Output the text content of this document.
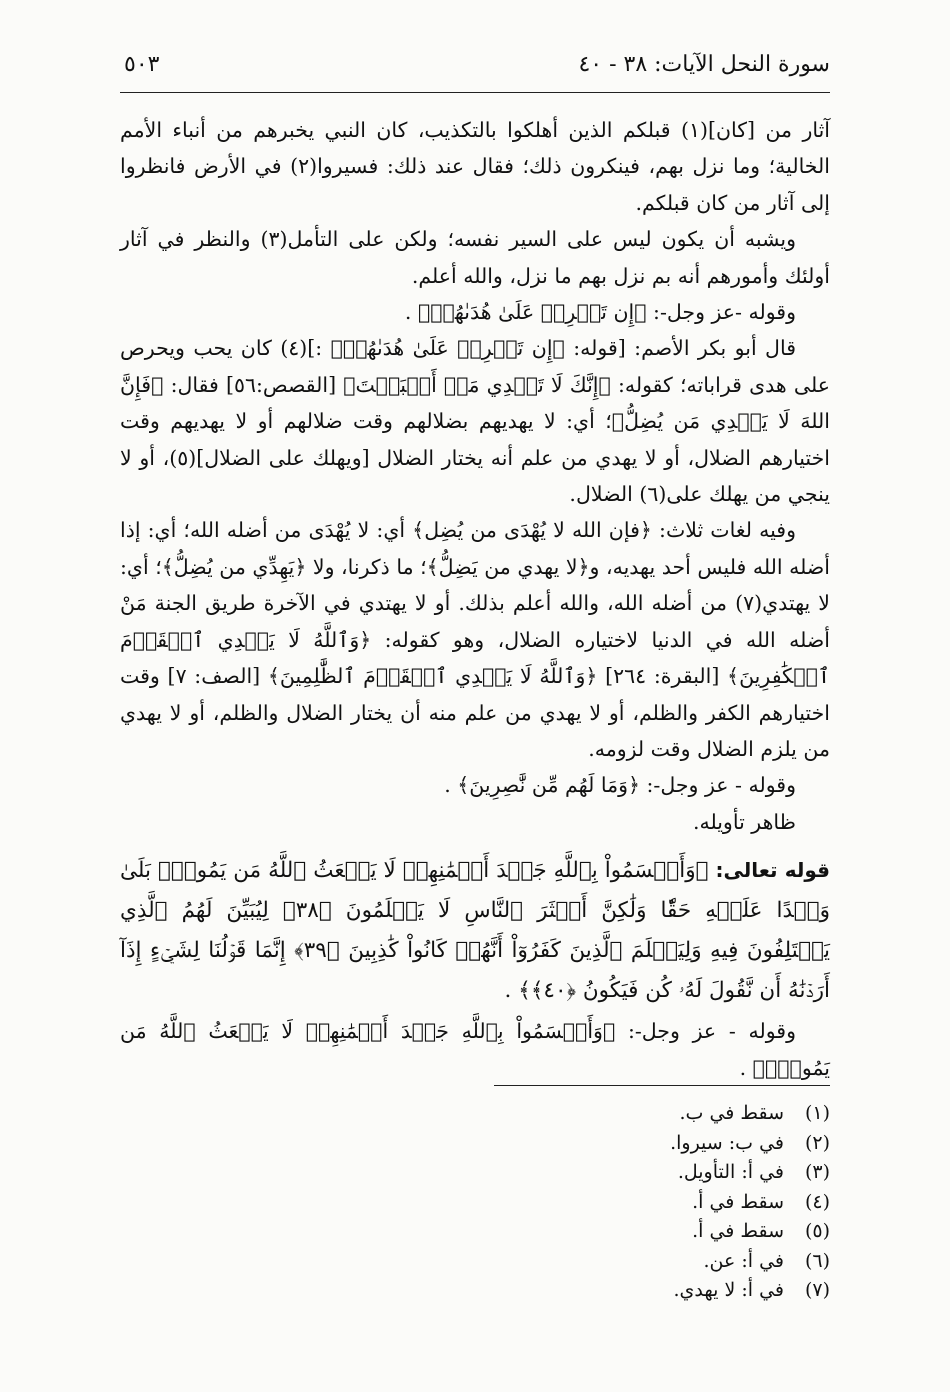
سورة النحل الآيات: ٣٨ - ٤٠
٥٠٣

آثار من [كان](١) قبلكم الذين أهلكوا بالتكذيب، كان النبي يخبرهم من أنباء الأمم الخالية؛ وما نزل بهم، فينكرون ذلك؛ فقال عند ذلك: فسيروا(٢) في الأرض فانظروا إلى آثار من كان قبلكم.

ويشبه أن يكون ليس على السير نفسه؛ ولكن على التأمل(٣) والنظر في آثار أولئك وأمورهم أنه بم نزل بهم ما نزل، والله أعلم.

وقوله -عز وجل-: ﴿إِن تَحۡرِصۡ عَلَىٰ هُدَىٰهُمۡ﴾ .

قال أبو بكر الأصم: [قوله: ﴿إِن تَحۡرِصۡ عَلَىٰ هُدَىٰهُمۡ﴾ :](٤) كان يحب ويحرص على هدى قراباته؛ كقوله: ﴿إِنَّكَ لَا تَهۡدِي مَنۡ أَحۡبَبۡتَ﴾ [القصص:٥٦] فقال: ﴿فَإِنَّ اللهَ لَا يَهۡدِي مَن يُضِلُّ﴾؛ أي: لا يهديهم بضلالهم وقت ضلالهم أو لا يهديهم وقت اختيارهم الضلال، أو لا يهدي من علم أنه يختار الضلال [ويهلك على الضلال](٥)، أو لا ينجي من يهلك على(٦) الضلال.

وفيه لغات ثلاث: ﴿فإن الله لا يُهْدَى من يُضِل﴾ أي: لا يُهْدَى من أضله الله؛ أي: إذا أضله الله فليس أحد يهديه، و﴿لا يهدي من يَضِلُّ﴾؛ ما ذكرنا، ولا ﴿يَهِدِّي من يُضِلُّ﴾؛ أي: لا يهتدي(٧) من أضله الله، والله أعلم بذلك. أو لا يهتدي في الآخرة طريق الجنة مَنْ أضله الله في الدنيا لاختياره الضلال، وهو كقوله: ﴿وَٱللَّهُ لَا يَهۡدِي ٱلۡقَوۡمَ ٱلۡكَٰفِرِينَ﴾ [البقرة: ٢٦٤] ﴿وَٱللَّهُ لَا يَهۡدِي ٱلۡقَوۡمَ ٱلظَّٰلِمِينَ﴾ [الصف: ٧] وقت اختيارهم الكفر والظلم، أو لا يهدي من علم منه أن يختار الضلال والظلم، أو لا يهدي من يلزم الضلال وقت لزومه.

وقوله - عز وجل-: ﴿وَمَا لَهُم مِّن نَّٰصِرِينَ﴾ .

ظاهر تأويله.

قوله تعالى: ﴿وَأَقۡسَمُواْ بِٱللَّهِ جَهۡدَ أَيۡمَٰنِهِمۡ لَا يَبۡعَثُ ٱللَّهُ مَن يَمُوتُۚ بَلَىٰ وَعۡدًا عَلَيۡهِ حَقّٗا وَلَٰكِنَّ أَكۡثَرَ ٱلنَّاسِ لَا يَعۡلَمُونَ ﴿٣٨﴾ لِيُبَيِّنَ لَهُمُ ٱلَّذِي يَخۡتَلِفُونَ فِيهِ وَلِيَعۡلَمَ ٱلَّذِينَ كَفَرُوٓاْ أَنَّهُمۡ كَانُواْ كَٰذِبِينَ ﴿٣٩﴾ إِنَّمَا قَوۡلُنَا لِشَيۡءٍ إِذَآ أَرَدۡنَٰهُ أَن نَّقُولَ لَهُۥ كُن فَيَكُونُ ﴿٤٠﴾﴾ .

وقوله - عز وجل-: ﴿وَأَقۡسَمُواْ بِٱللَّهِ جَهۡدَ أَيۡمَٰنِهِمۡ لَا يَبۡعَثُ ٱللَّهُ مَن يَمُوتُۚ﴾ .

(١)سقط في ب.
(٢)في ب: سيروا.
(٣)في أ: التأويل.
(٤)سقط في أ.
(٥)سقط في أ.
(٦)في أ: عن.
(٧)في أ: لا يهدي.
